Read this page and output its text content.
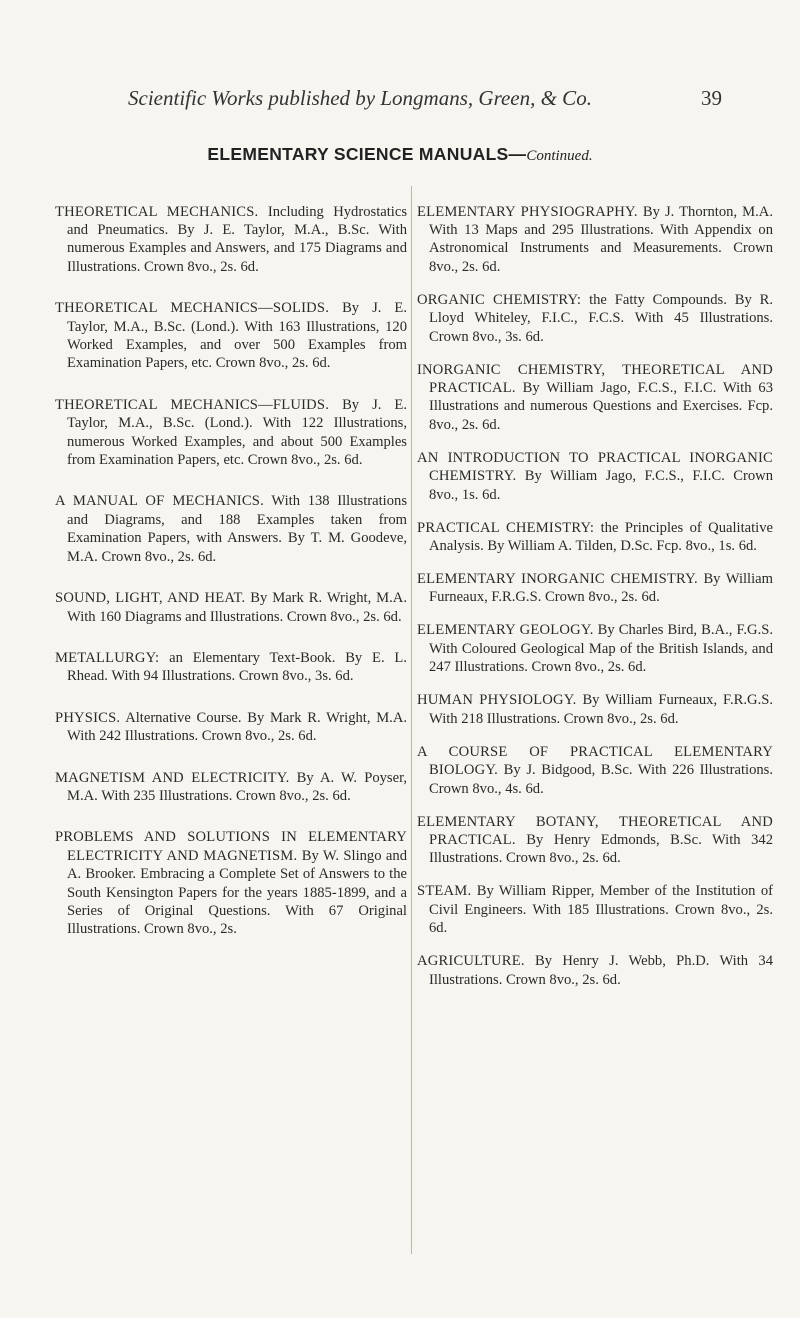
Scientific Works published by Longmans, Green, & Co.	39
ELEMENTARY SCIENCE MANUALS—Continued.

THEORETICAL MECHANICS. Including Hydrostatics and Pneumatics. By J. E. Taylor, M.A., B.Sc. With numerous Examples and Answers, and 175 Diagrams and Illustrations. Crown 8vo., 2s. 6d.

THEORETICAL MECHANICS—SOLIDS. By J. E. Taylor, M.A., B.Sc. (Lond.). With 163 Illustrations, 120 Worked Examples, and over 500 Examples from Examination Papers, etc. Crown 8vo., 2s. 6d.

THEORETICAL MECHANICS—FLUIDS. By J. E. Taylor, M.A., B.Sc. (Lond.). With 122 Illustrations, numerous Worked Examples, and about 500 Examples from Examination Papers, etc. Crown 8vo., 2s. 6d.

A MANUAL OF MECHANICS. With 138 Illustrations and Diagrams, and 188 Examples taken from Examination Papers, with Answers. By T. M. Goodeve, M.A. Crown 8vo., 2s. 6d.

SOUND, LIGHT, AND HEAT. By Mark R. Wright, M.A. With 160 Diagrams and Illustrations. Crown 8vo., 2s. 6d.

METALLURGY: an Elementary Text-Book. By E. L. Rhead. With 94 Illustrations. Crown 8vo., 3s. 6d.

PHYSICS. Alternative Course. By Mark R. Wright, M.A. With 242 Illustrations. Crown 8vo., 2s. 6d.

MAGNETISM AND ELECTRICITY. By A. W. Poyser, M.A. With 235 Illustrations. Crown 8vo., 2s. 6d.

PROBLEMS AND SOLUTIONS IN ELEMENTARY ELECTRICITY AND MAGNETISM. By W. Slingo and A. Brooker. Embracing a Complete Set of Answers to the South Kensington Papers for the years 1885-1899, and a Series of Original Questions. With 67 Original Illustrations. Crown 8vo., 2s.

ELEMENTARY PHYSIOGRAPHY. By J. Thornton, M.A. With 13 Maps and 295 Illustrations. With Appendix on Astronomical Instruments and Measurements. Crown 8vo., 2s. 6d.

ORGANIC CHEMISTRY: the Fatty Compounds. By R. Lloyd Whiteley, F.I.C., F.C.S. With 45 Illustrations. Crown 8vo., 3s. 6d.

INORGANIC CHEMISTRY, THEORETICAL AND PRACTICAL. By William Jago, F.C.S., F.I.C. With 63 Illustrations and numerous Questions and Exercises. Fcp. 8vo., 2s. 6d.

AN INTRODUCTION TO PRACTICAL INORGANIC CHEMISTRY. By William Jago, F.C.S., F.I.C. Crown 8vo., 1s. 6d.

PRACTICAL CHEMISTRY: the Principles of Qualitative Analysis. By William A. Tilden, D.Sc. Fcp. 8vo., 1s. 6d.

ELEMENTARY INORGANIC CHEMISTRY. By William Furneaux, F.R.G.S. Crown 8vo., 2s. 6d.

ELEMENTARY GEOLOGY. By Charles Bird, B.A., F.G.S. With Coloured Geological Map of the British Islands, and 247 Illustrations. Crown 8vo., 2s. 6d.

HUMAN PHYSIOLOGY. By William Furneaux, F.R.G.S. With 218 Illustrations. Crown 8vo., 2s. 6d.

A COURSE OF PRACTICAL ELEMENTARY BIOLOGY. By J. Bidgood, B.Sc. With 226 Illustrations. Crown 8vo., 4s. 6d.

ELEMENTARY BOTANY, THEORETICAL AND PRACTICAL. By Henry Edmonds, B.Sc. With 342 Illustrations. Crown 8vo., 2s. 6d.

STEAM. By William Ripper, Member of the Institution of Civil Engineers. With 185 Illustrations. Crown 8vo., 2s. 6d.

AGRICULTURE. By Henry J. Webb, Ph.D. With 34 Illustrations. Crown 8vo., 2s. 6d.
